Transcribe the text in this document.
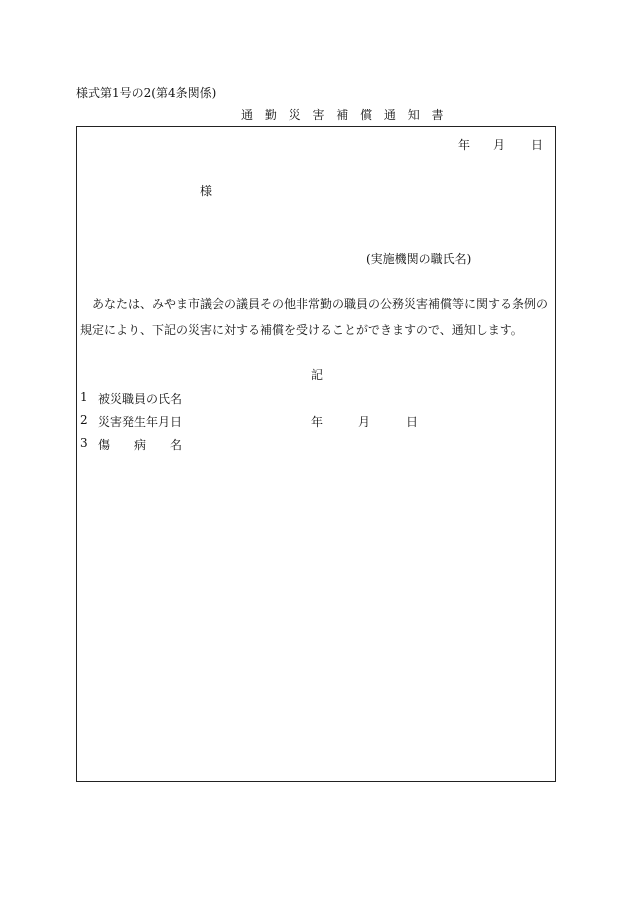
様式第1号の2(第4条関係)
通 勤 災 害 補 償 通 知 書
年 月 日
様
(実施機関の職氏名)
あなたは、みやま市議会の議員その他非常勤の職員の公務災害補償等に関する条例の規定により、下記の災害に対する補償を受けることができますので、通知します。
記
1 被災職員の氏名
2 災害発生年月日	年	月	日
3 傷　　病　　名
